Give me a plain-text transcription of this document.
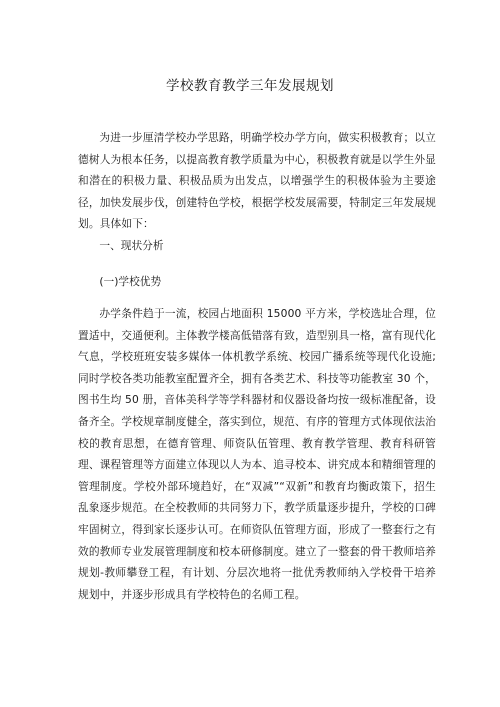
学校教育教学三年发展规划

为进一步厘清学校办学思路，明确学校办学方向，做实积极教育；以立德树人为根本任务，以提高教育教学质量为中心，积极教育就是以学生外显和潜在的积极力量、积极品质为出发点，以增强学生的积极体验为主要途径，加快发展步伐，创建特色学校，根据学校发展需要，特制定三年发展规划。具体如下：

一、现状分析

(一)学校优势

办学条件趋于一流，校园占地面积 15000 平方米，学校选址合理，位置适中，交通便利。主体教学楼高低错落有致，造型别具一格，富有现代化气息，学校班班安装多媒体一体机教学系统、校园广播系统等现代化设施;同时学校各类功能教室配置齐全，拥有各类艺术、科技等功能教室 30 个，图书生均 50 册，音体美科学等学科器材和仪器设备均按一级标准配备，设备齐全。学校规章制度健全，落实到位，规范、有序的管理方式体现依法治校的教育思想，在德育管理、师资队伍管理、教育教学管理、教育科研管理、课程管理等方面建立体现以人为本、追寻校本、讲究成本和精细管理的管理制度。学校外部环境趋好，在“双减”“双新”和教育均衡政策下，招生乱象逐步规范。在全校教师的共同努力下，教学质量逐步提升，学校的口碑牢固树立，得到家长逐步认可。在师资队伍管理方面，形成了一整套行之有效的教师专业发展管理制度和校本研修制度。建立了一整套的骨干教师培养规划-教师攀登工程，有计划、分层次地将一批优秀教师纳入学校骨干培养规划中，并逐步形成具有学校特色的名师工程。
